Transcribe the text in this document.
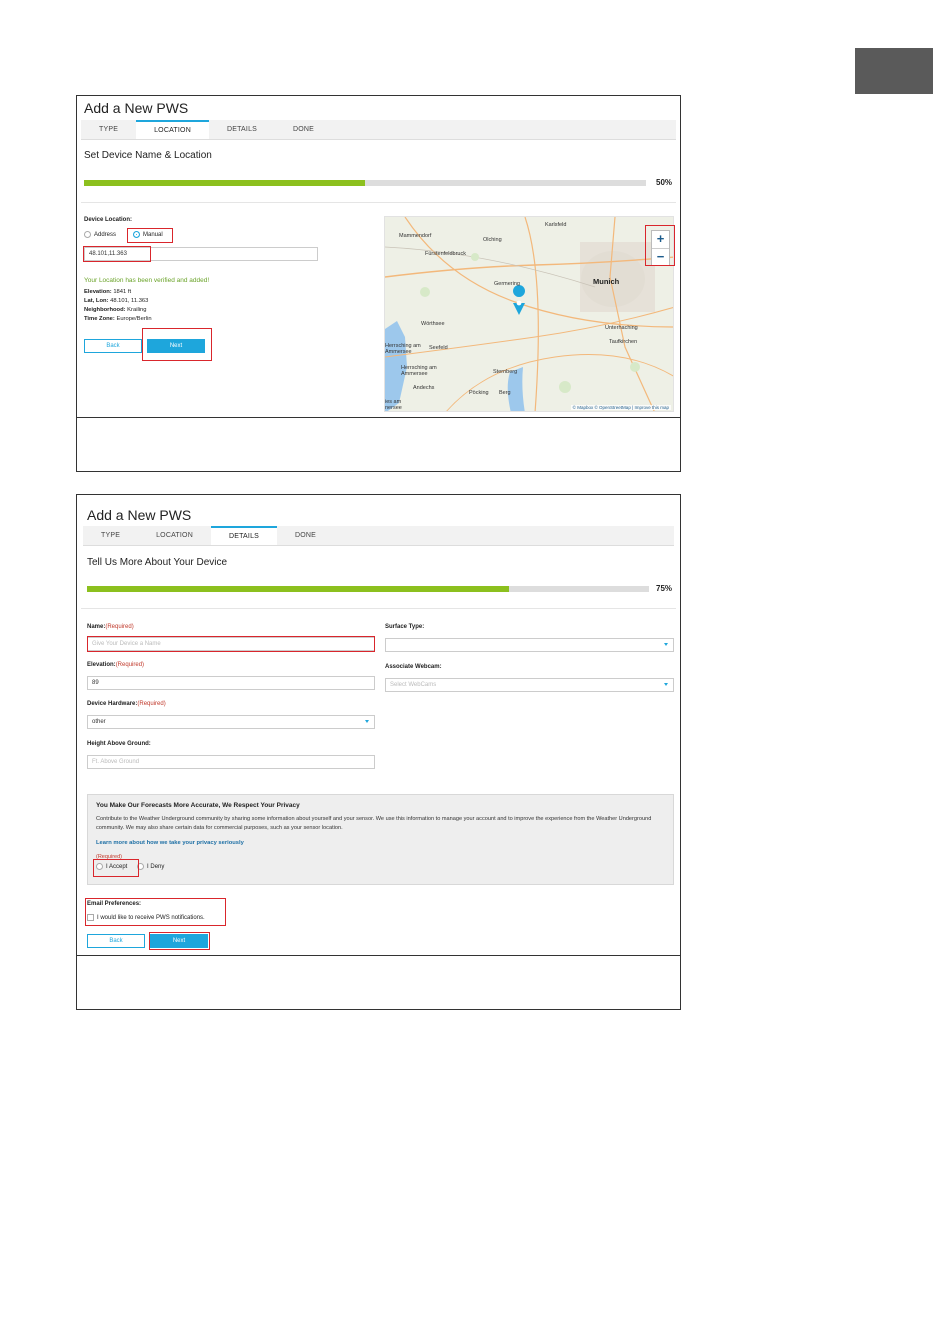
Add a New PWS
TYPE	LOCATION	DETAILS	DONE
Set Device Name & Location
50%
Device Location:
Address	Manual
48.101,11.363
Your Location has been verified and added!
Elevation: 1841 ft
Lat, Lon: 48.101, 11.363
Neighborhood: Krailing
Time Zone: Europe/Berlin
Back	Next
Karlsfeld
Mammendorf
Olching
Fürstenfeldbruck
Germering	Munich
Wörthsee
Unterhaching
Taufkirchen
Herrsching am Ammersee
Seefeld
Herrsching am Ammersee	Sternberg
Andechs
Pöcking Berg
ies am nersee
+
−
© Mapbox © OpenStreetMap | Improve this map
Add a New PWS
TYPE	LOCATION	DETAILS	DONE
Tell Us More About Your Device
75%
Name:(Required)
Give Your Device a Name
Elevation:(Required)
89
Device Hardware:(Required)
other
Height Above Ground:
Ft. Above Ground
Surface Type:
Associate Webcam:
Select WebCams
You Make Our Forecasts More Accurate, We Respect Your Privacy
Contribute to the Weather Underground community by sharing some information about yourself and your sensor. We use this information to manage your account and to improve the experience from the Weather Underground community. We may also share certain data for commercial purposes, such as your sensor location.
Learn more about how we take your privacy seriously
(Required)
I Accept	I Deny
Email Preferences:
I would like to receive PWS notifications.
Back	Next
